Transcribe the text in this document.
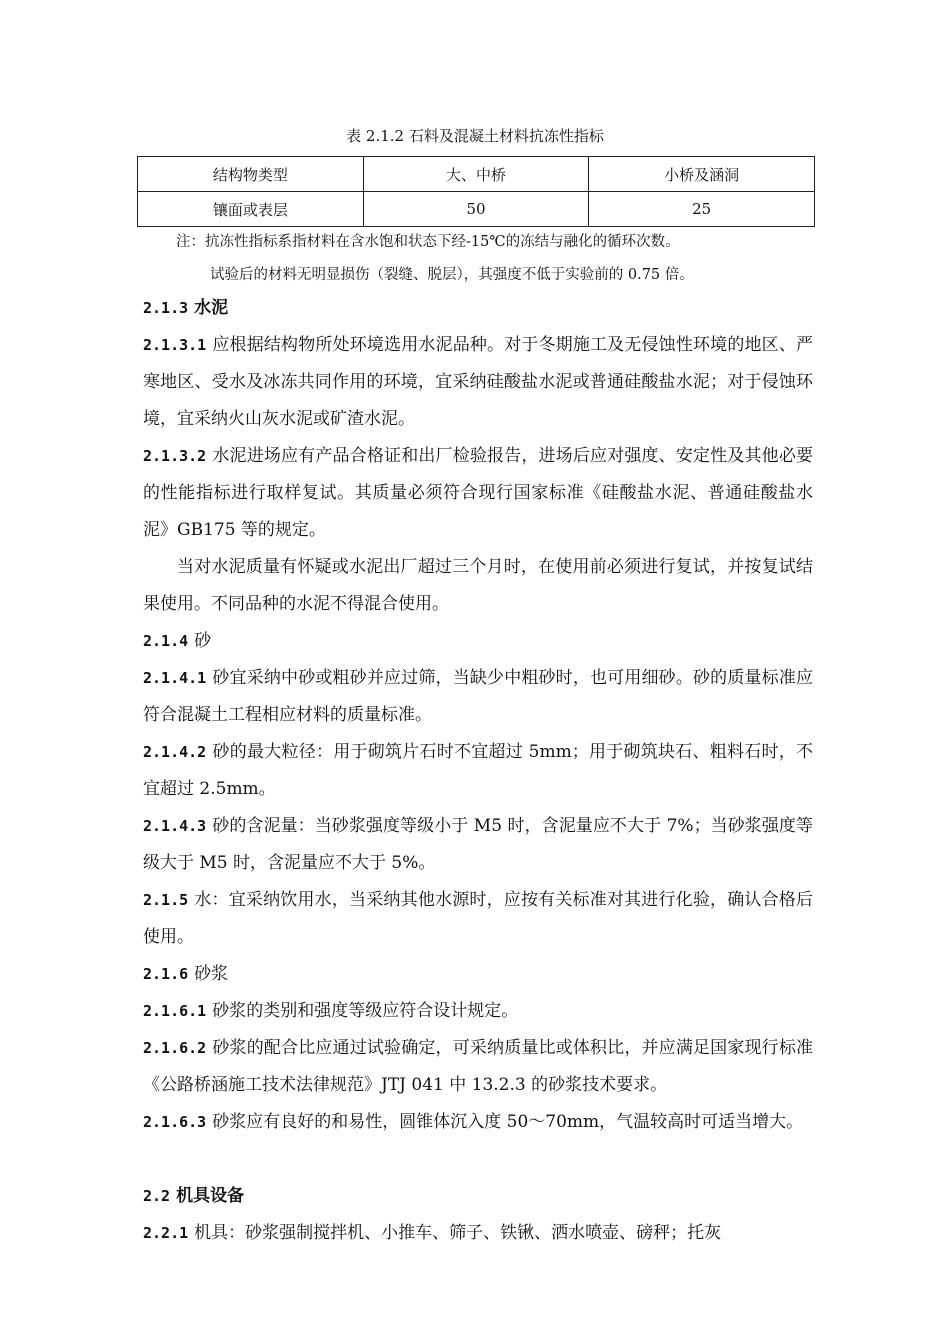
表 2.1.2 石料及混凝土材料抗冻性指标
结构物类型	大、中桥	小桥及涵洞
镶面或表层	50	25
注：抗冻性指标系指材料在含水饱和状态下经-15℃的冻结与融化的循环次数。
试验后的材料无明显损伤（裂缝、脱层），其强度不低于实验前的 0.75 倍。
2.1.3 水泥
2.1.3.1 应根据结构物所处环境选用水泥品种。对于冬期施工及无侵蚀性环境的地区、严寒地区、受水及冰冻共同作用的环境，宜采纳硅酸盐水泥或普通硅酸盐水泥；对于侵蚀环境，宜采纳火山灰水泥或矿渣水泥。
2.1.3.2 水泥进场应有产品合格证和出厂检验报告，进场后应对强度、安定性及其他必要的性能指标进行取样复试。其质量必须符合现行国家标准《硅酸盐水泥、普通硅酸盐水泥》GB175 等的规定。
当对水泥质量有怀疑或水泥出厂超过三个月时，在使用前必须进行复试，并按复试结果使用。不同品种的水泥不得混合使用。
2.1.4 砂
2.1.4.1 砂宜采纳中砂或粗砂并应过筛，当缺少中粗砂时，也可用细砂。砂的质量标准应符合混凝土工程相应材料的质量标准。
2.1.4.2 砂的最大粒径：用于砌筑片石时不宜超过 5mm；用于砌筑块石、粗料石时，不宜超过 2.5mm。
2.1.4.3 砂的含泥量：当砂浆强度等级小于 M5 时，含泥量应不大于 7%；当砂浆强度等级大于 M5 时，含泥量应不大于 5%。
2.1.5 水：宜采纳饮用水，当采纳其他水源时，应按有关标准对其进行化验，确认合格后使用。
2.1.6 砂浆
2.1.6.1 砂浆的类别和强度等级应符合设计规定。
2.1.6.2 砂浆的配合比应通过试验确定，可采纳质量比或体积比，并应满足国家现行标准《公路桥涵施工技术法律规范》JTJ 041 中 13.2.3 的砂浆技术要求。
2.1.6.3 砂浆应有良好的和易性，圆锥体沉入度 50～70mm，气温较高时可适当增大。
2.2 机具设备
2.2.1 机具：砂浆强制搅拌机、小推车、筛子、铁锹、洒水喷壶、磅秤；托灰
